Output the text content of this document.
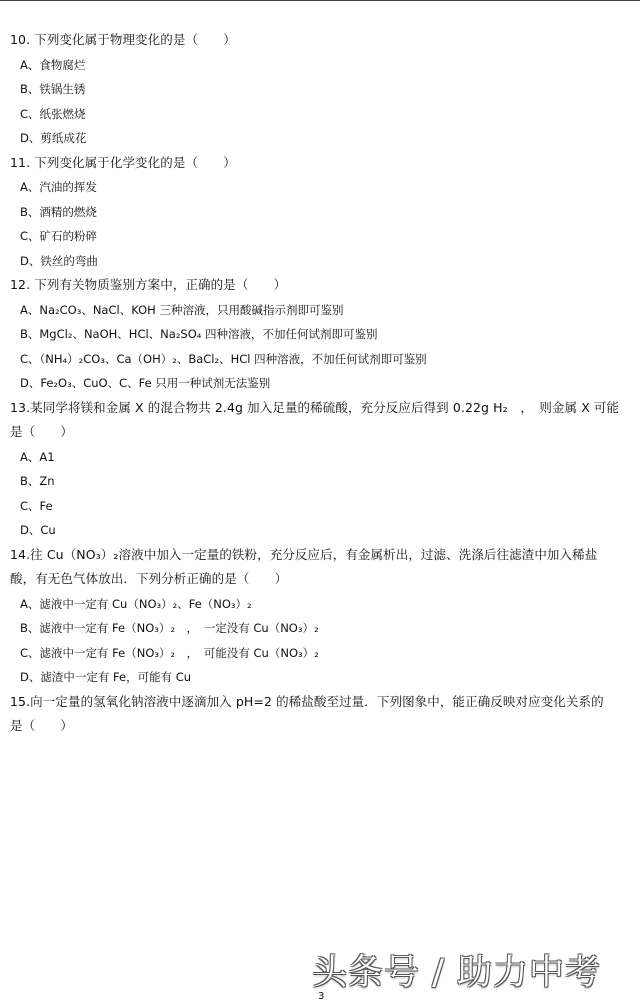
10. 下列变化属于物理变化的是（　　）
A、食物腐烂
B、铁锅生锈
C、纸张燃烧
D、剪纸成花
11. 下列变化属于化学变化的是（　　）
A、汽油的挥发
B、酒精的燃烧
C、矿石的粉碎
D、铁丝的弯曲
12. 下列有关物质鉴别方案中，正确的是（　　）
A、Na₂CO₃、NaCl、KOH 三种溶液，只用酸碱指示剂即可鉴别
B、MgCl₂、NaOH、HCl、Na₂SO₄ 四种溶液，不加任何试剂即可鉴别
C、（NH₄）₂CO₃、Ca（OH）₂、BaCl₂、HCl 四种溶液，不加任何试剂即可鉴别
D、Fe₂O₃、CuO、C、Fe 只用一种试剂无法鉴别
13.某同学将镁和金属 X 的混合物共 2.4g 加入足量的稀硫酸，充分反应后得到 0.22g H₂　，　则金属 X 可能
是（　　）
A、A1
B、Zn
C、Fe
D、Cu
14.往 Cu（NO₃）₂溶液中加入一定量的铁粉，充分反应后，有金属析出，过滤、洗涤后往滤渣中加入稀盐
酸，有无色气体放出．下列分析正确的是（　　）
A、滤液中一定有 Cu（NO₃）₂、Fe（NO₃）₂
B、滤液中一定有 Fe（NO₃）₂　，　一定没有 Cu（NO₃）₂
C、滤液中一定有 Fe（NO₃）₂　，　可能没有 Cu（NO₃）₂
D、滤渣中一定有 Fe，可能有 Cu
15.向一定量的氢氧化钠溶液中逐滴加入 pH=2 的稀盐酸至过量．下列图象中，能正确反映对应变化关系的
是（　　）
头条号 / 助力中考
3
